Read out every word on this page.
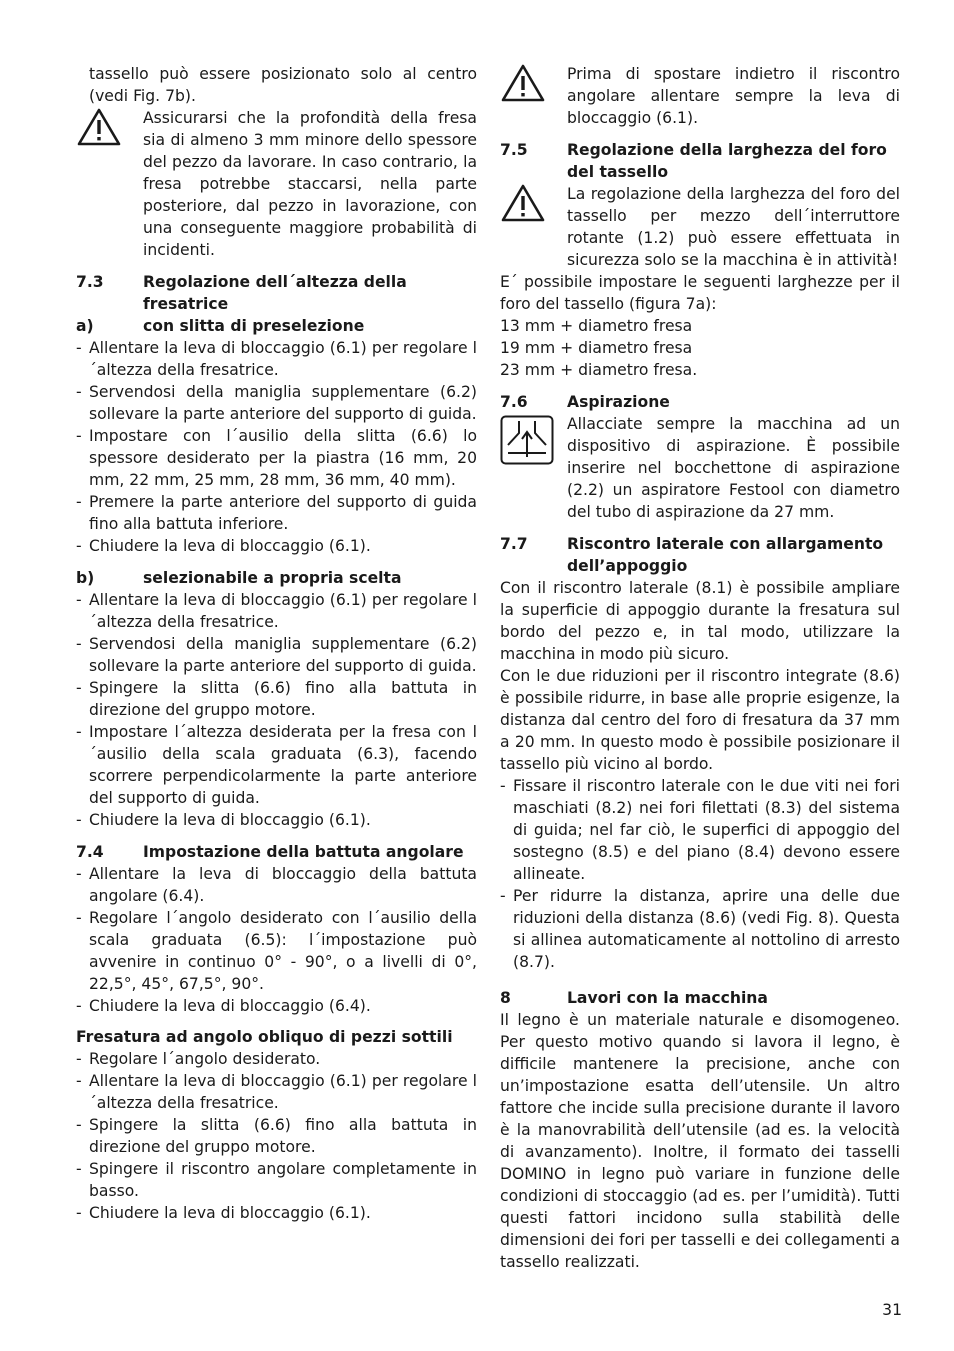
tassello può essere posizionato solo al centro (vedi Fig. 7b).

Assicurarsi che la profondità della fresa sia di almeno 3 mm minore dello spessore del pezzo da lavorare. In caso contrario, la fresa potrebbe staccarsi, nella parte posteriore, dal pezzo in lavorazione, con una conseguente maggiore probabilità di incidenti.
7.3	Regolazione dell´altezza della fresatrice
a)	con slitta di preselezione
- Allentare la leva di bloccaggio (6.1) per regolare l´altezza della fresatrice.
- Servendosi della maniglia supplementare (6.2) sollevare la parte anteriore del supporto di guida.
- Impostare con l´ausilio della slitta (6.6) lo spessore desiderato per la piastra (16 mm, 20 mm, 22 mm, 25 mm, 28 mm, 36 mm, 40 mm).
- Premere la parte anteriore del supporto di guida fino alla battuta inferiore.
- Chiudere la leva di bloccaggio (6.1).
b)	selezionabile a propria scelta
- Allentare la leva di bloccaggio (6.1) per regolare l´altezza della fresatrice.
- Servendosi della maniglia supplementare (6.2) sollevare la parte anteriore del supporto di guida.
- Spingere la slitta (6.6) fino alla battuta in direzione del gruppo motore.
- Impostare l´altezza desiderata per la fresa con l´ausilio della scala graduata (6.3), facendo scorrere perpendicolarmente la parte anteriore del supporto di guida.
- Chiudere la leva di bloccaggio (6.1).
7.4	Impostazione della battuta angolare
- Allentare la leva di bloccaggio della battuta angolare (6.4).
- Regolare l´angolo desiderato con l´ausilio della scala graduata (6.5): l´impostazione può avvenire in continuo 0° - 90°, o a livelli di 0°, 22,5°, 45°, 67,5°, 90°.
- Chiudere la leva di bloccaggio (6.4).
Fresatura ad angolo obliquo di pezzi sottili
- Regolare l´angolo desiderato.
- Allentare la leva di bloccaggio (6.1) per regolare l´altezza della fresatrice.
- Spingere la slitta (6.6) fino alla battuta in direzione del gruppo motore.
- Spingere il riscontro angolare completamente in basso.
- Chiudere la leva di bloccaggio (6.1).
Prima di spostare indietro il riscontro angolare allentare sempre la leva di bloccaggio (6.1).
7.5	Regolazione della larghezza del foro del tassello
La regolazione della larghezza del foro del tassello per mezzo dell´interruttore rotante (1.2) può essere effettuata in sicurezza solo se la macchina è in attività!

E´ possibile impostare le seguenti larghezze per il foro del tassello (figura 7a):

13 mm + diametro fresa
19 mm + diametro fresa
23 mm + diametro fresa.
7.6	Aspirazione
Allacciate sempre la macchina ad un dispositivo di aspirazione. È possibile inserire nel bocchettone di aspirazione (2.2) un aspiratore Festool con diametro del tubo di aspirazione da 27 mm.
7.7	Riscontro laterale con allargamento dell’appoggio

Con il riscontro laterale (8.1) è possibile ampliare la superficie di appoggio durante la fresatura sul bordo del pezzo e, in tal modo, utilizzare la macchina in modo più sicuro.

Con le due riduzioni per il riscontro integrate (8.6) è possibile ridurre, in base alle proprie esigenze, la distanza dal centro del foro di fresatura da 37 mm a 20 mm. In questo modo è possibile posizionare il tassello più vicino al bordo.

- Fissare il riscontro laterale con le due viti nei fori maschiati (8.2) nei fori filettati (8.3) del sistema di guida; nel far ciò, le superfici di appoggio del sostegno (8.5) e del piano (8.4) devono essere allineate.
- Per ridurre la distanza, aprire una delle due riduzioni della distanza (8.6) (vedi Fig. 8). Questa si allinea automaticamente al nottolino di arresto (8.7).
8	Lavori con la macchina

Il legno è un materiale naturale e disomogeneo. Per questo motivo quando si lavora il legno, è difficile mantenere la precisione, anche con un’impostazione esatta dell’utensile. Un altro fattore che incide sulla precisione durante il lavoro è la manovrabilità dell’utensile (ad es. la velocità di avanzamento). Inoltre, il formato dei tasselli DOMINO in legno può variare in funzione delle condizioni di stoccaggio (ad es. per l’umidità). Tutti questi fattori incidono sulla stabilità delle dimensioni dei fori per tasselli e dei collegamenti a tassello realizzati.

31
